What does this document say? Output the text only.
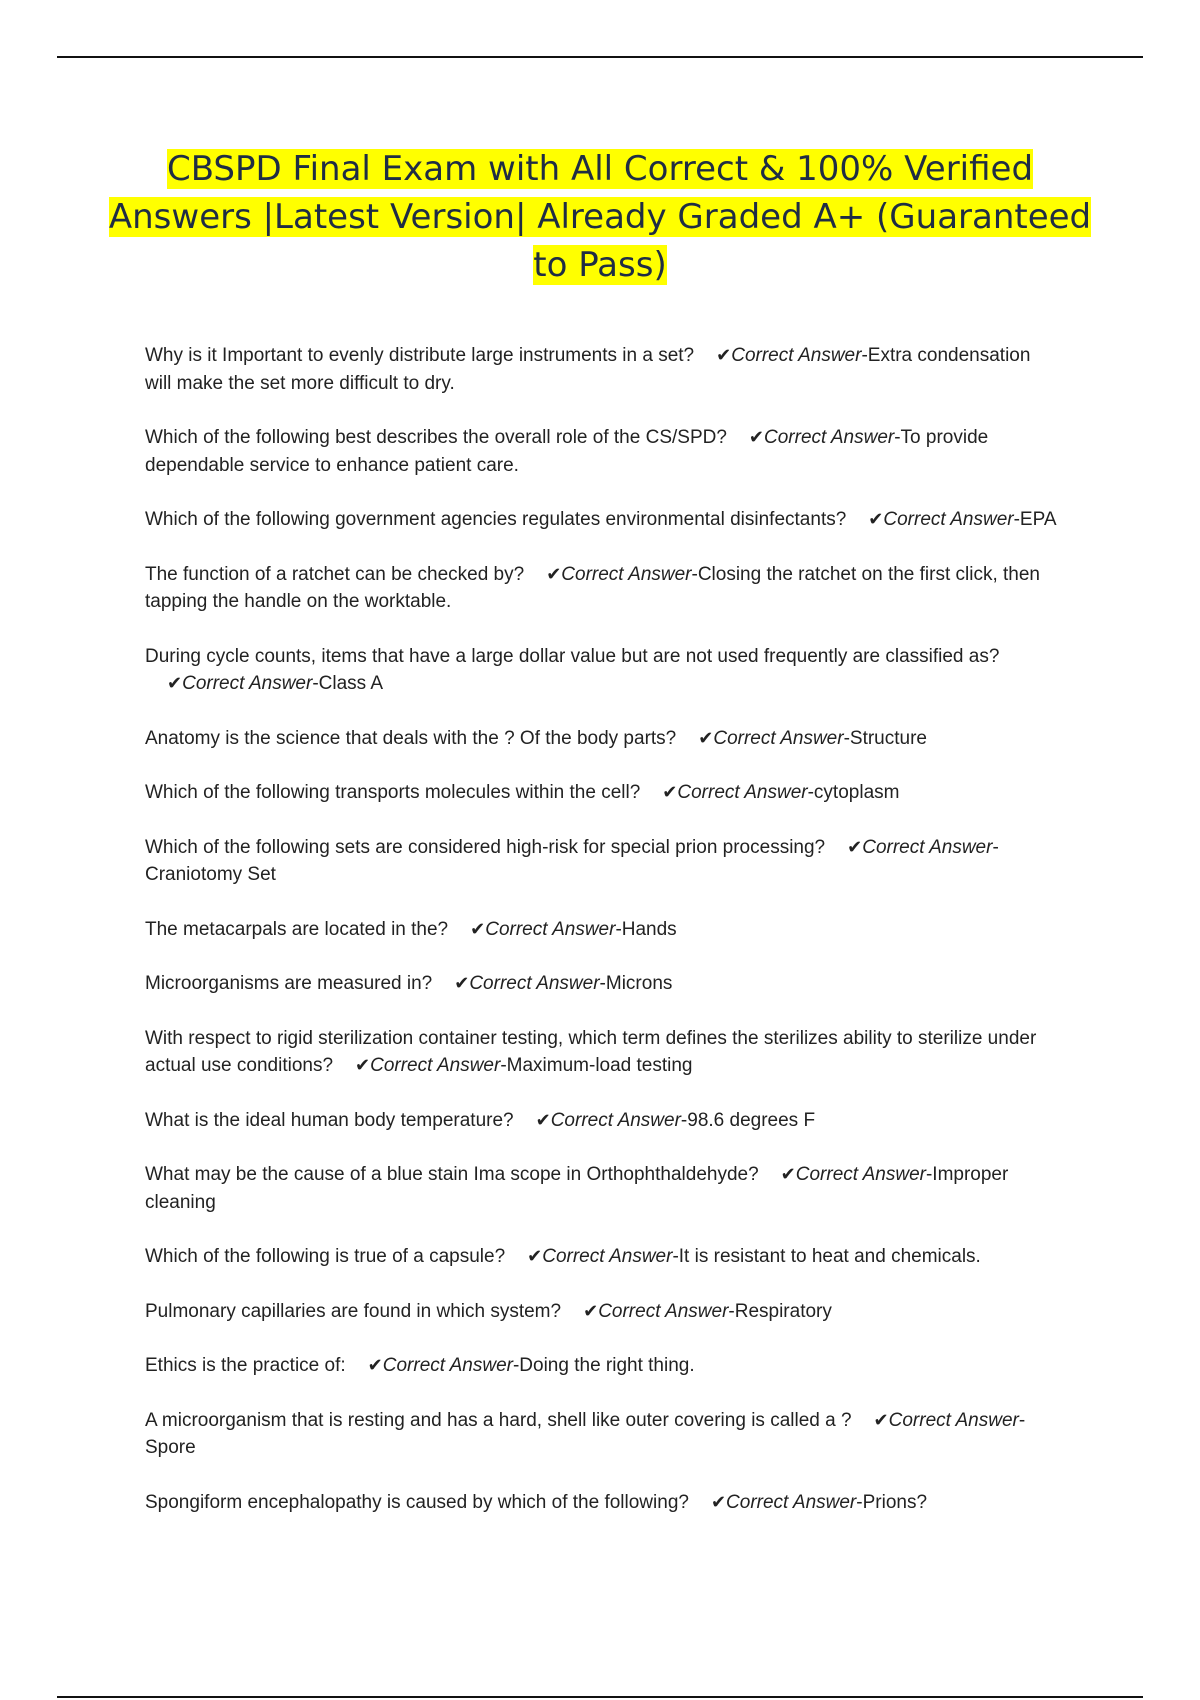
CBSPD Final Exam with All Correct & 100% Verified Answers |Latest Version| Already Graded A+ (Guaranteed to Pass)
Why is it Important to evenly distribute large instruments in a set? ✔Correct Answer-Extra condensation will make the set more difficult to dry.
Which of the following best describes the overall role of the CS/SPD? ✔Correct Answer-To provide dependable service to enhance patient care.
Which of the following government agencies regulates environmental disinfectants? ✔Correct Answer-EPA
The function of a ratchet can be checked by? ✔Correct Answer-Closing the ratchet on the first click, then tapping the handle on the worktable.
During cycle counts, items that have a large dollar value but are not used frequently are classified as?✔Correct Answer-Class A
Anatomy is the science that deals with the ? Of the body parts? ✔Correct Answer-Structure
Which of the following transports molecules within the cell? ✔Correct Answer-cytoplasm
Which of the following sets are considered high-risk for special prion processing? ✔Correct Answer-Craniotomy Set
The metacarpals are located in the? ✔Correct Answer-Hands
Microorganisms are measured in? ✔Correct Answer-Microns
With respect to rigid sterilization container testing, which term defines the sterilizes ability to sterilize under actual use conditions? ✔Correct Answer-Maximum-load testing
What is the ideal human body temperature? ✔Correct Answer-98.6 degrees F
What may be the cause of a blue stain Ima scope in Orthophthaldehyde? ✔Correct Answer-Improper cleaning
Which of the following is true of a capsule? ✔Correct Answer-It is resistant to heat and chemicals.
Pulmonary capillaries are found in which system? ✔Correct Answer-Respiratory
Ethics is the practice of: ✔Correct Answer-Doing the right thing.
A microorganism that is resting and has a hard, shell like outer covering is called a ? ✔Correct Answer-Spore
Spongiform encephalopathy is caused by which of the following? ✔Correct Answer-Prions?
